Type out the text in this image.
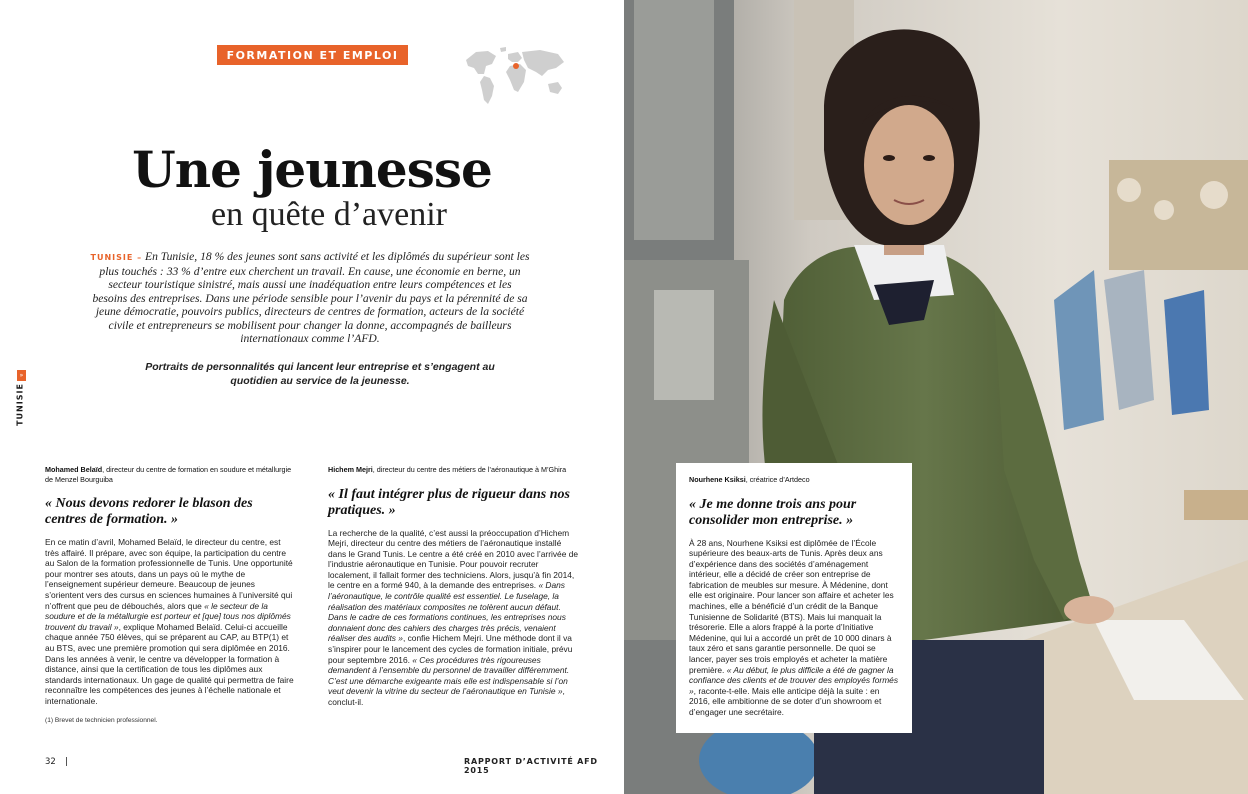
FORMATION ET EMPLOI
»
TUNISIE
Une jeunesse
en quête d’avenir
TUNISIE – En Tunisie, 18 % des jeunes sont sans activité et les diplômés du supérieur sont les plus touchés : 33 % d’entre eux cherchent un travail. En cause, une économie en berne, un secteur touristique sinistré, mais aussi une inadéquation entre leurs compétences et les besoins des entreprises. Dans une période sensible pour l’avenir du pays et la pérennité de sa jeune démocratie, pouvoirs publics, directeurs de centres de formation, acteurs de la société civile et entrepreneurs se mobilisent pour changer la donne, accompagnés de bailleurs internationaux comme l’AFD.
Portraits de personnalités qui lancent leur entreprise et s’engagent au quotidien au service de la jeunesse.
Mohamed Belaïd, directeur du centre de formation en soudure et métallurgie de Menzel Bourguiba
« Nous devons redorer le blason des centres de formation. »
En ce matin d’avril, Mohamed Belaïd, le directeur du centre, est très affairé. Il prépare, avec son équipe, la participation du centre au Salon de la formation professionnelle de Tunis. Une opportunité pour montrer ses atouts, dans un pays où le mythe de l’enseignement supérieur demeure. Beaucoup de jeunes s’orientent vers des cursus en sciences humaines à l’université qui n’offrent que peu de débouchés, alors que « le secteur de la soudure et de la métallurgie est porteur et [que] tous nos diplômés trouvent du travail », explique Mohamed Belaïd. Celui-ci accueille chaque année 750 élèves, qui se préparent au CAP, au BTP(1) et au BTS, avec une première promotion qui sera diplômée en 2016. Dans les années à venir, le centre va développer la formation à distance, ainsi que la certification de tous les diplômes aux standards internationaux. Un gage de qualité qui permettra de faire reconnaître les compétences des jeunes à l’échelle nationale et internationale.
(1) Brevet de technicien professionnel.
Hichem Mejri, directeur du centre des métiers de l’aéronautique à M’Ghira
« Il faut intégrer plus de rigueur dans nos pratiques. »
La recherche de la qualité, c’est aussi la préoccupation d’Hichem Mejri, directeur du centre des métiers de l’aéronautique installé dans le Grand Tunis. Le centre a été créé en 2010 avec l’arrivée de l’industrie aéronautique en Tunisie. Pour pouvoir recruter localement, il fallait former des techniciens. Alors, jusqu’à fin 2014, le centre en a formé 940, à la demande des entreprises. « Dans l’aéronautique, le contrôle qualité est essentiel. Le fuselage, la réalisation des matériaux composites ne tolèrent aucun défaut. Dans le cadre de ces formations continues, les entreprises nous donnaient donc des cahiers des charges très précis, venaient réaliser des audits », confie Hichem Mejri. Une méthode dont il va s’inspirer pour le lancement des cycles de formation initiale, prévu pour septembre 2016. « Ces procédures très rigoureuses demandent à l’ensemble du personnel de travailler différemment. C’est une démarche exigeante mais elle est indispensable si l’on veut devenir la vitrine du secteur de l’aéronautique en Tunisie », conclut-il.
32	RAPPORT D’ACTIVITÉ AFD 2015
Nourhene Ksiksi, créatrice d’Artdeco
« Je me donne trois ans pour consolider mon entreprise. »
À 28 ans, Nourhene Ksiksi est diplômée de l’École supérieure des beaux-arts de Tunis. Après deux ans d’expérience dans des sociétés d’aménagement intérieur, elle a décidé de créer son entreprise de fabrication de meubles sur mesure. À Médenine, dont elle est originaire. Pour lancer son affaire et acheter les machines, elle a bénéficié d’un crédit de la Banque Tunisienne de Solidarité (BTS). Mais lui manquait la trésorerie. Elle a alors frappé à la porte d’Initiative Médenine, qui lui a accordé un prêt de 10 000 dinars à taux zéro et sans garantie personnelle. De quoi se lancer, payer ses trois employés et acheter la matière première. « Au début, le plus difficile a été de gagner la confiance des clients et de trouver des employés formés », raconte-t-elle. Mais elle anticipe déjà la suite : en 2016, elle ambitionne de se doter d’un showroom et d’engager une secrétaire.
